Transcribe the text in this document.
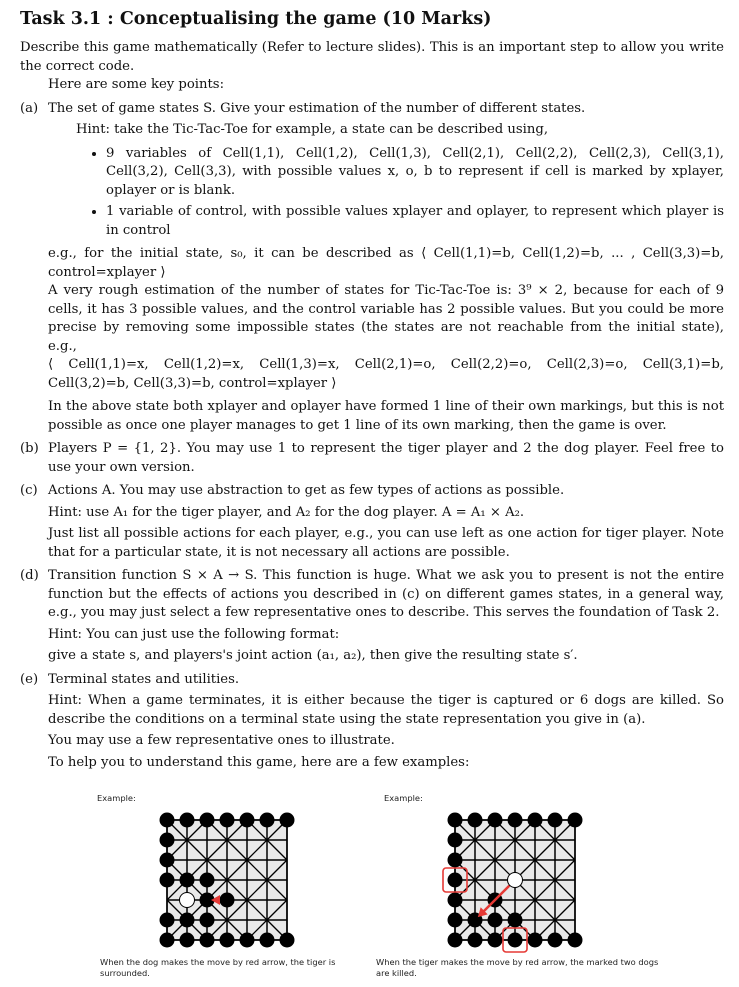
Task 3.1 : Conceptualising the game (10 Marks)

Describe this game mathematically (Refer to lecture slides). This is an important step to allow you write the correct code.

Here are some key points:

(a) The set of game states S. Give your estimation of the number of different states.

Hint: take the Tic-Tac-Toe for example, a state can be described using,

• 9 variables of Cell(1,1), Cell(1,2), Cell(1,3), Cell(2,1), Cell(2,2), Cell(2,3), Cell(3,1), Cell(3,2), Cell(3,3), with possible values x, o, b to represent if cell is marked by xplayer, oplayer or is blank.
• 1 variable of control, with possible values xplayer and oplayer, to represent which player is in control

e.g., for the initial state, s₀, it can be described as ⟨ Cell(1,1)=b, Cell(1,2)=b, ... , Cell(3,3)=b, control=xplayer ⟩

A very rough estimation of the number of states for Tic-Tac-Toe is: 3⁹ × 2, because for each of 9 cells, it has 3 possible values, and the control variable has 2 possible values. But you could be more precise by removing some impossible states (the states are not reachable from the initial state), e.g.,

⟨ Cell(1,1)=x, Cell(1,2)=x, Cell(1,3)=x, Cell(2,1)=o, Cell(2,2)=o, Cell(2,3)=o, Cell(3,1)=b, Cell(3,2)=b, Cell(3,3)=b, control=xplayer ⟩

In the above state both xplayer and oplayer have formed 1 line of their own markings, but this is not possible as once one player manages to get 1 line of its own marking, then the game is over.

(b) Players P = {1, 2}. You may use 1 to represent the tiger player and 2 the dog player. Feel free to use your own version.

(c) Actions A. You may use abstraction to get as few types of actions as possible.

Hint: use A₁ for the tiger player, and A₂ for the dog player. A = A₁ × A₂.

Just list all possible actions for each player, e.g., you can use left as one action for tiger player. Note that for a particular state, it is not necessary all actions are possible.

(d) Transition function S × A → S. This function is huge. What we ask you to present is not the entire function but the effects of actions you described in (c) on different games states, in a general way, e.g., you may just select a few representative ones to describe. This serves the foundation of Task 2.

Hint: You can just use the following format:

give a state s, and players's joint action (a₁, a₂), then give the resulting state s′.

(e) Terminal states and utilities.

Hint: When a game terminates, it is either because the tiger is captured or 6 dogs are killed. So describe the conditions on a terminal state using the state representation you give in (a).

You may use a few representative ones to illustrate.

To help you to understand this game, here are a few examples:

Example:	Example:
When the dog makes the move by red arrow, the tiger is surrounded.
When the tiger makes the move by red arrow, the marked two dogs are killed.
